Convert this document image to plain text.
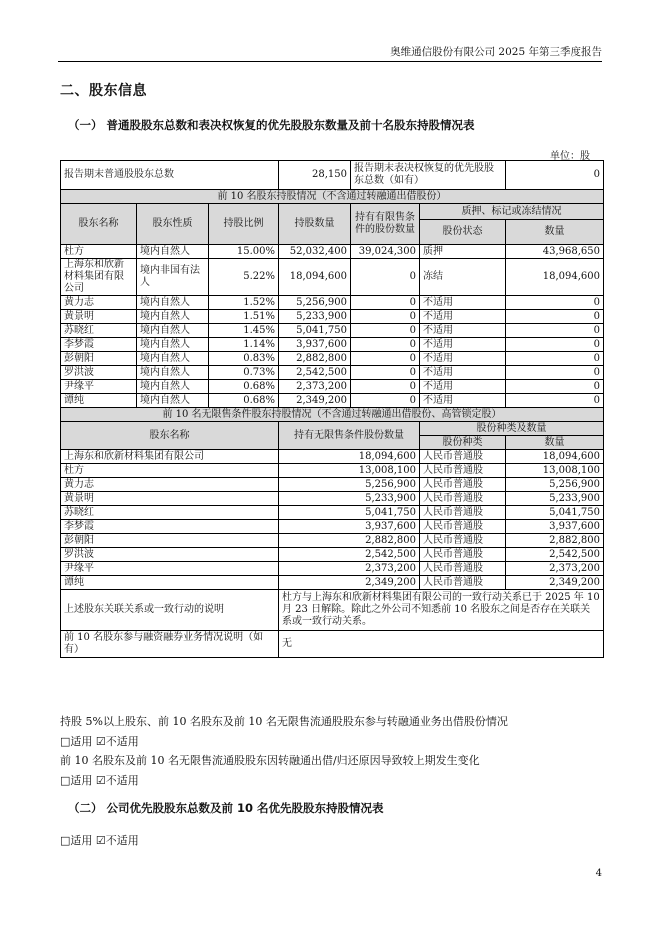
奥维通信股份有限公司 2025 年第三季度报告
二、股东信息
（一） 普通股股东总数和表决权恢复的优先股股东数量及前十名股东持股情况表
单位：股
报告期末普通股股东总数			28,150	报告期末表决权恢复的优先股股东总数（如有）		0
前 10 名股东持股情况（不含通过转融通出借股份）						
股东名称	股东性质	持股比例	持股数量	持有有限售条件的股份数量	质押、标记或冻结情况	
					股份状态	数量
杜方	境内自然人	15.00%	52,032,400	39,024,300	质押	43,968,650
上海东和欣新材料集团有限公司	境内非国有法人	5.22%	18,094,600	0	冻结	18,094,600
黄力志	境内自然人	1.52%	5,256,900	0	不适用	0
黄景明	境内自然人	1.51%	5,233,900	0	不适用	0
苏晓红	境内自然人	1.45%	5,041,750	0	不适用	0
李梦霞	境内自然人	1.14%	3,937,600	0	不适用	0
彭朝阳	境内自然人	0.83%	2,882,800	0	不适用	0
罗洪波	境内自然人	0.73%	2,542,500	0	不适用	0
尹缘平	境内自然人	0.68%	2,373,200	0	不适用	0
谭纯	境内自然人	0.68%	2,349,200	0	不适用	0
前 10 名无限售条件股东持股情况（不含通过转融通出借股份、高管锁定股）						
股东名称			持有无限售条件股份数量		股份种类及数量	
					股份种类	数量
上海东和欣新材料集团有限公司			18,094,600		人民币普通股	18,094,600
杜方			13,008,100		人民币普通股	13,008,100
黄力志			5,256,900		人民币普通股	5,256,900
黄景明			5,233,900		人民币普通股	5,233,900
苏晓红			5,041,750		人民币普通股	5,041,750
李梦霞			3,937,600		人民币普通股	3,937,600
彭朝阳			2,882,800		人民币普通股	2,882,800
罗洪波			2,542,500		人民币普通股	2,542,500
尹缘平			2,373,200		人民币普通股	2,373,200
谭纯			2,349,200		人民币普通股	2,349,200
上述股东关联关系或一致行动的说明			杜方与上海东和欣新材料集团有限公司的一致行动关系已于 2025 年 10 月 23 日解除。除此之外公司不知悉前 10 名股东之间是否存在关联关系或一致行动关系。			
前 10 名股东参与融资融券业务情况说明（如有）			无			
持股 5%以上股东、前 10 名股东及前 10 名无限售流通股股东参与转融通业务出借股份情况
□适用 ☑不适用
前 10 名股东及前 10 名无限售流通股股东因转融通出借/归还原因导致较上期发生变化
□适用 ☑不适用
（二） 公司优先股股东总数及前 10 名优先股股东持股情况表
□适用 ☑不适用
4
